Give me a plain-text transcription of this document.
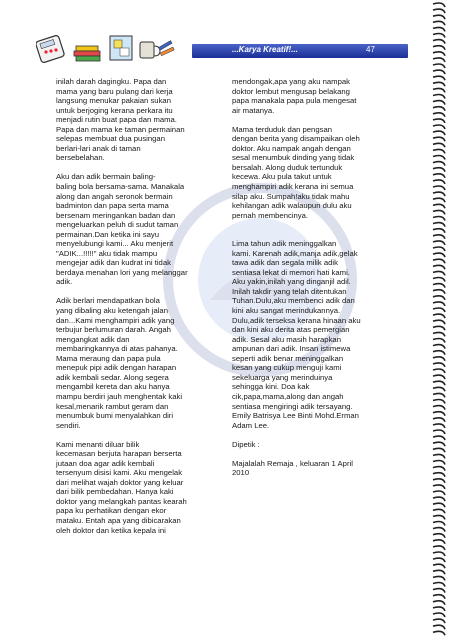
...Karya Kreatif!...	47

inilah darah dagingku. Papa dan
mama yang baru pulang dari kerja
langsung menukar pakaian sukan
untuk berjoging kerana perkara itu
menjadi rutin buat papa dan mama.
Papa dan mama ke taman permainan
selepas membuat dua pusingan
berlari-lari anak di taman
bersebelahan.

Aku dan adik bermain baling-
baling bola bersama-sama. Manakala
along dan angah seronok bermain
badminton dan papa serta mama
bersenam meringankan badan dan
mengeluarkan peluh di sudut taman
permainan.Dan ketika ini sayu
menyelubungi kami... Aku menjerit
"ADIK...!!!!!" aku tidak mampu
mengejar adik dan kudrat ini tidak
berdaya menahan lori yang melanggar
adik.

Adik berlari mendapatkan bola
yang dibaling aku ketengah jalan
dan...Kami menghampiri adik yang
terbujur berlumuran darah. Angah
mengangkat adik dan
membaringkannya di atas pahanya.
Mama meraung dan papa pula
menepuk pipi adik dengan harapan
adik kembali sedar. Along segera
mengambil kereta dan aku hanya
mampu berdiri jauh menghentak kaki
kesal,menarik rambut geram dan
menumbuk bumi menyalahkan diri
sendiri.

Kami menanti diluar bilik
kecemasan berjuta harapan berserta
jutaan doa agar adik kembali
tersenyum disisi kami. Aku mengelak
dari melihat wajah doktor yang keluar
dari bilik pembedahan. Hanya kaki
doktor yang melangkah pantas kearah
papa ku perhatikan dengan ekor
mataku. Entah apa yang dibicarakan
oleh doktor dan ketika kepala ini

mendongak,apa yang aku nampak
doktor lembut mengusap belakang
papa manakala papa pula mengesat
air matanya.

Mama terduduk dan pengsan
dengan berita yang disampaikan oleh
doktor. Aku nampak angah dengan
sesal menumbuk dinding yang tidak
bersalah. Along duduk tertunduk
kecewa. Aku pula takut untuk
menghampiri adik kerana ini semua
silap aku. Sumpah!aku tidak mahu
kehilangan adik walaupun dulu aku
pernah membencinya.

Lima tahun adik meninggalkan
kami. Karenah adik,manja adik,gelak
tawa adik dan segala milik adik
sentiasa lekat di memori hati kami.
Aku yakin,inilah yang dinganjil adil.
Inilah takdir yang telah ditentukan
Tuhan.Dulu,aku membenci adik dan
kini aku sangat merindukannya.
Dulu,adik terseksa kerana hinaan aku
dan kini aku derita atas pemergian
adik. Sesal aku masih harapkan
ampunan dari adik. Insan istimewa
seperti adik benar meninggalkan
kesan yang cukup menguji kami
sekeluarga yang merinduinya
sehingga kini. Doa kak
cik,papa,mama,along dan angah
sentiasa mengiringi adik tersayang.
Emily Batrisya Lee Binti Mohd.Erman
Adam Lee.

Dipetik :

Majalalah Remaja , keluaran 1 April
2010
